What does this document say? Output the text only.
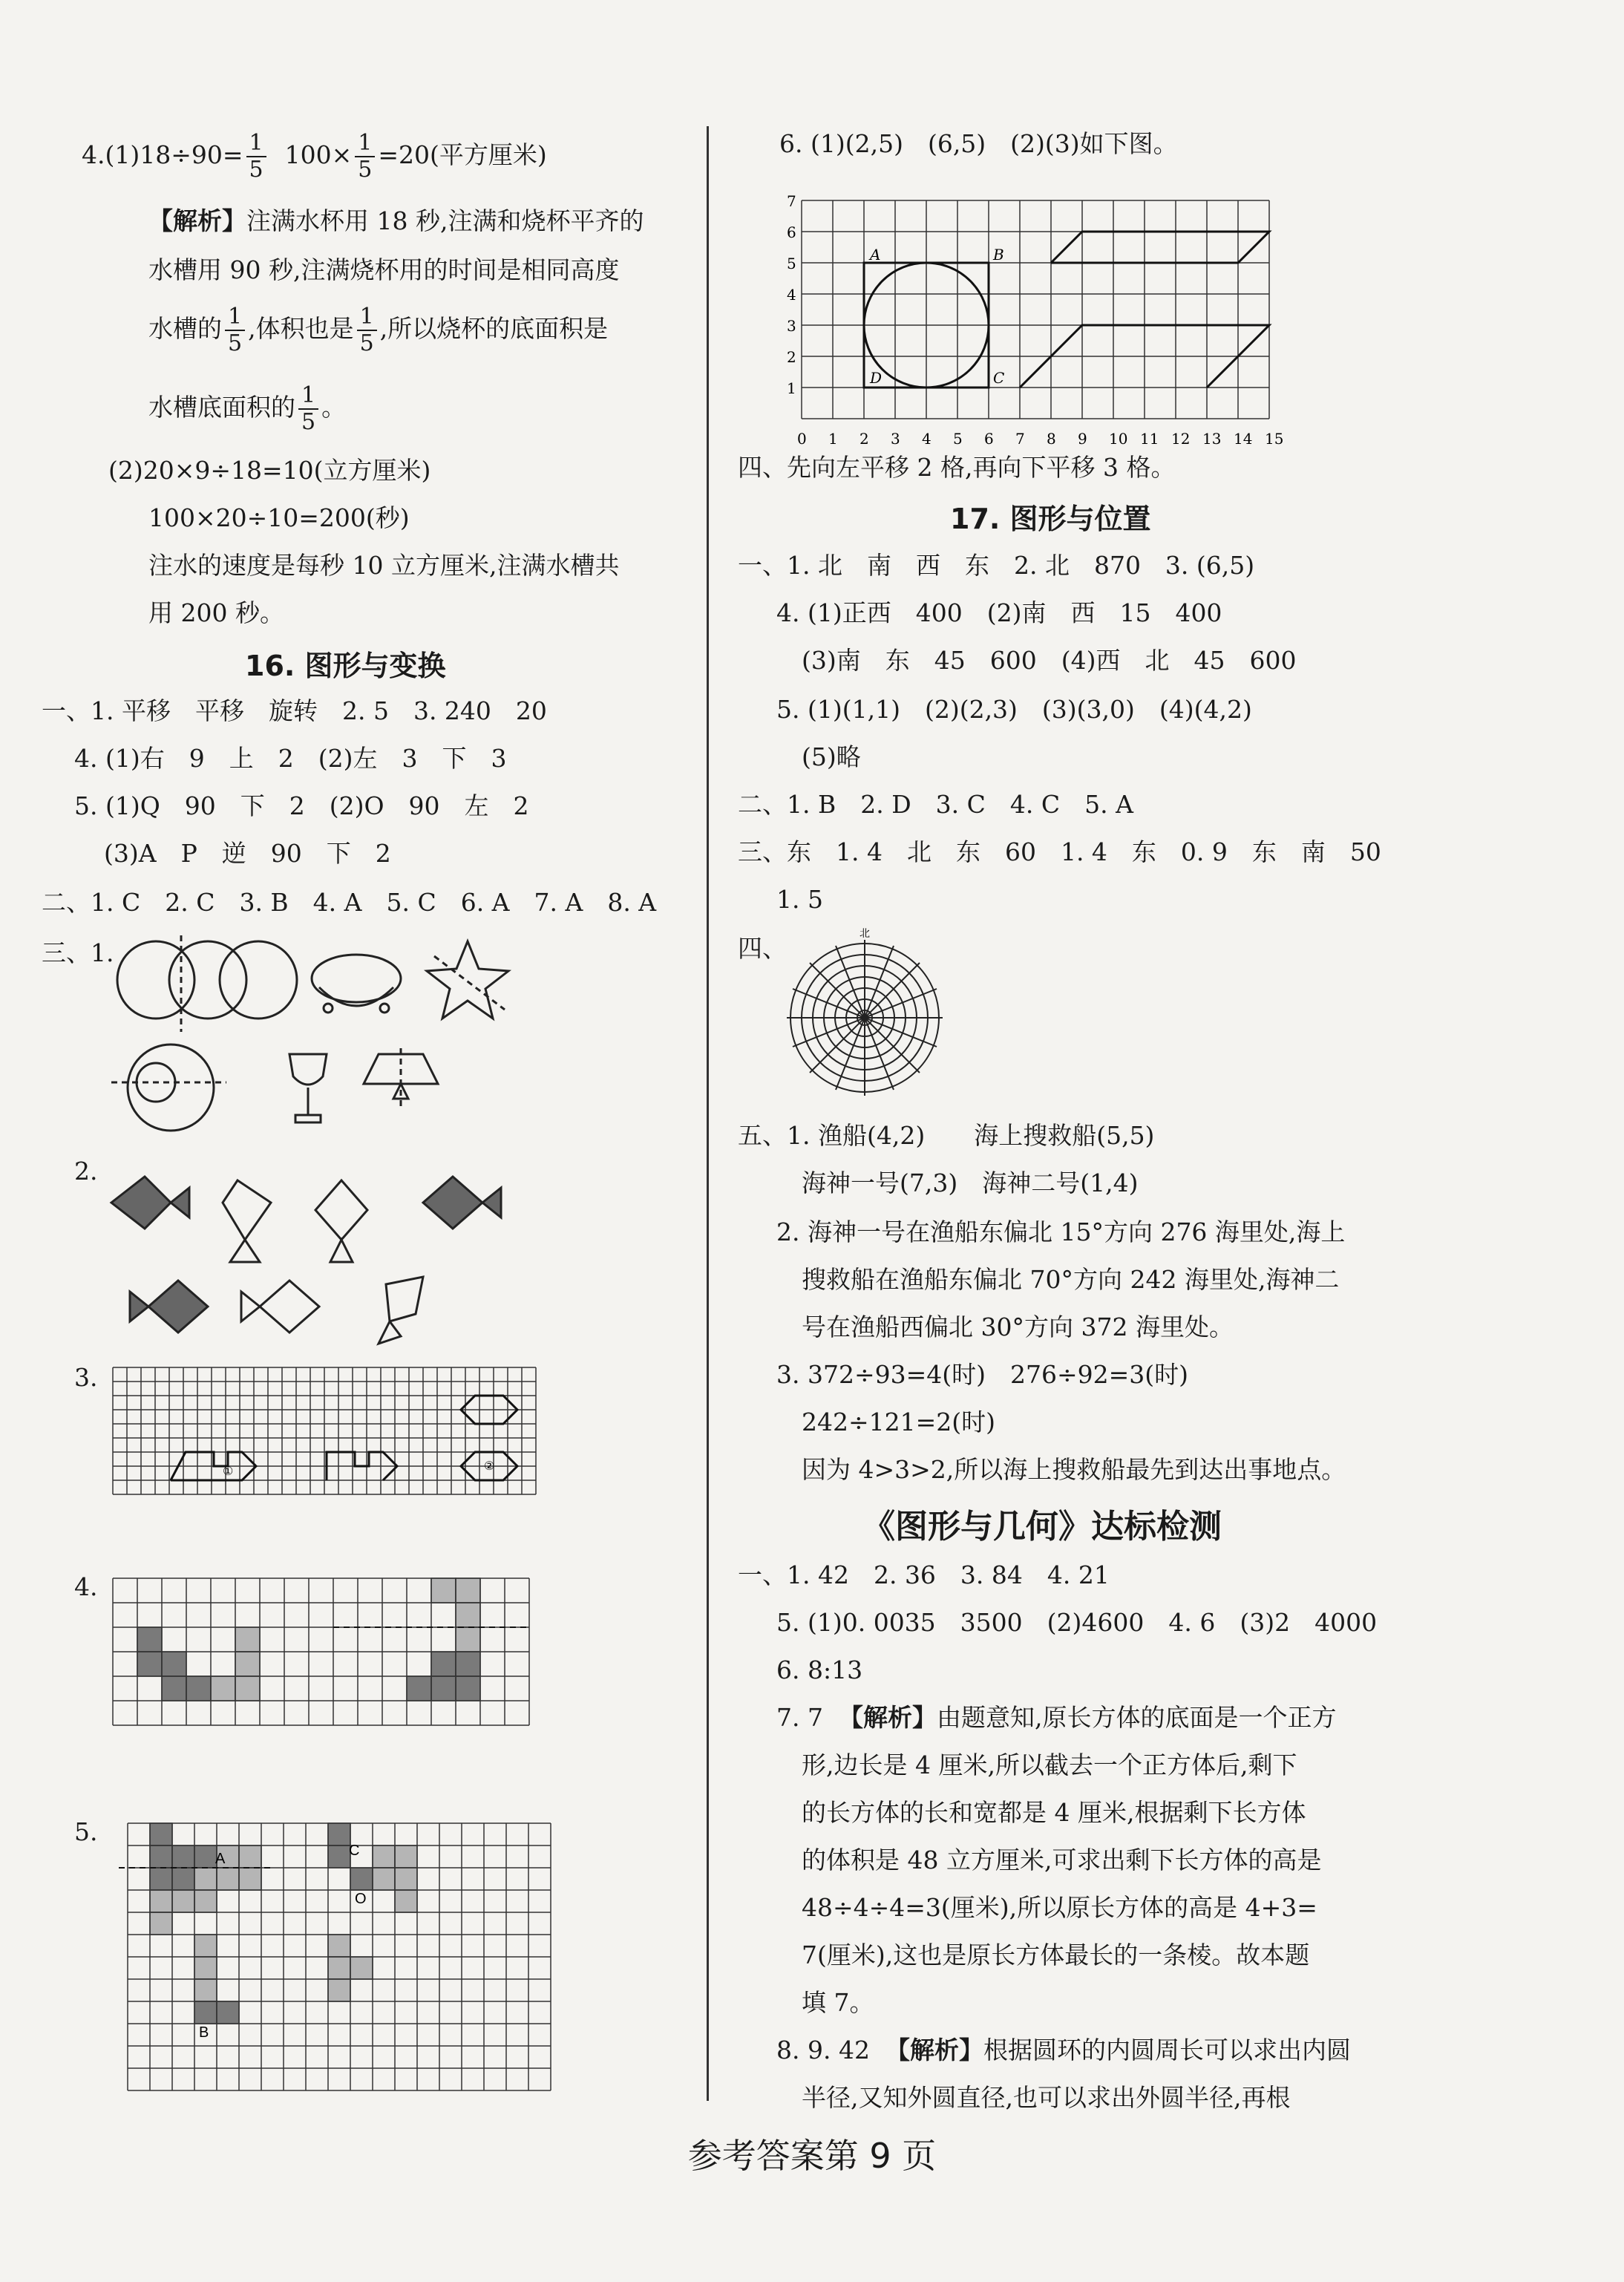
$4.(1)18\div 90= \frac{1}{5} 100\times \frac{1}{5} =20$(平方厘米)
【解析】注满水杯用 18 秒,注满和烧杯平齐的
水槽用 90 秒,注满烧杯用的时间是相同高度
水槽的 $\frac{1}{5}$ ,体积也是 $\frac{1}{5}$ ,所以烧杯的底面积是
水槽底面积的 $\frac{1}{5}$ 。
(2)20×9÷18=10(立方厘米)
100×20÷10=200(秒)
注水的速度是每秒 10 立方厘米,注满水槽共
用 200 秒。
16. 图形与变换
一、1. 平移　平移　旋转　2. 5　3. 240　20
4. (1)右　9　上　2　(2)左　3　下　3
5. (1)Q　90　下　2　(2)O　90　左　2
(3)A　P　逆　90　下　2
二、1. C　2. C　3. B　4. A　5. C　6. A　7. A　8. A
三、1.
2.
3.
①	②
4.
5.
A
B
C
O
6. (1)(2,5)　(6,5)　(2)(3)如下图。
7
6
5
4
3
2
1
0 1 2 3 4 5 6 7 8 9 10 11 12 13 14 15
A	B
C
D
四、先向左平移 2 格,再向下平移 3 格。
17. 图形与位置
一、1. 北　南　西　东　2. 北　870　3. (6,5)
4. (1)正西　400　(2)南　西　15　400
(3)南　东　45　600　(4)西　北　45　600
5. (1)(1,1)　(2)(2,3)　(3)(3,0)　(4)(4,2)
(5)略
二、1. B　2. D　3. C　4. C　5. A
三、东　1. 4　北　东　60　1. 4　东　0. 9　东　南　50
1. 5
四、	北
五、1. 渔船(4,2)　　海上搜救船(5,5)
海神一号(7,3)　海神二号(1,4)
2. 海神一号在渔船东偏北 15°方向 276 海里处,海上
搜救船在渔船东偏北 70°方向 242 海里处,海神二
号在渔船西偏北 30°方向 372 海里处。
3. 372÷93=4(时)　276÷92=3(时)
242÷121=2(时)
因为 4>3>2,所以海上搜救船最先到达出事地点。
《图形与几何》达标检测
一、1. 42　2. 36　3. 84　4. 21
5. (1)0. 0035　3500　(2)4600　4. 6　(3)2　4000
6. 8:13
7. 7 【解析】由题意知,原长方体的底面是一个正方
形,边长是 4 厘米,所以截去一个正方体后,剩下
的长方体的长和宽都是 4 厘米,根据剩下长方体
的体积是 48 立方厘米,可求出剩下长方体的高是
48÷4÷4=3(厘米),所以原长方体的高是 4+3=
7(厘米),这也是原长方体最长的一条棱。故本题
填 7。
8. 9. 42 【解析】根据圆环的内圆周长可以求出内圆
半径,又知外圆直径,也可以求出外圆半径,再根
参考答案第 9 页
